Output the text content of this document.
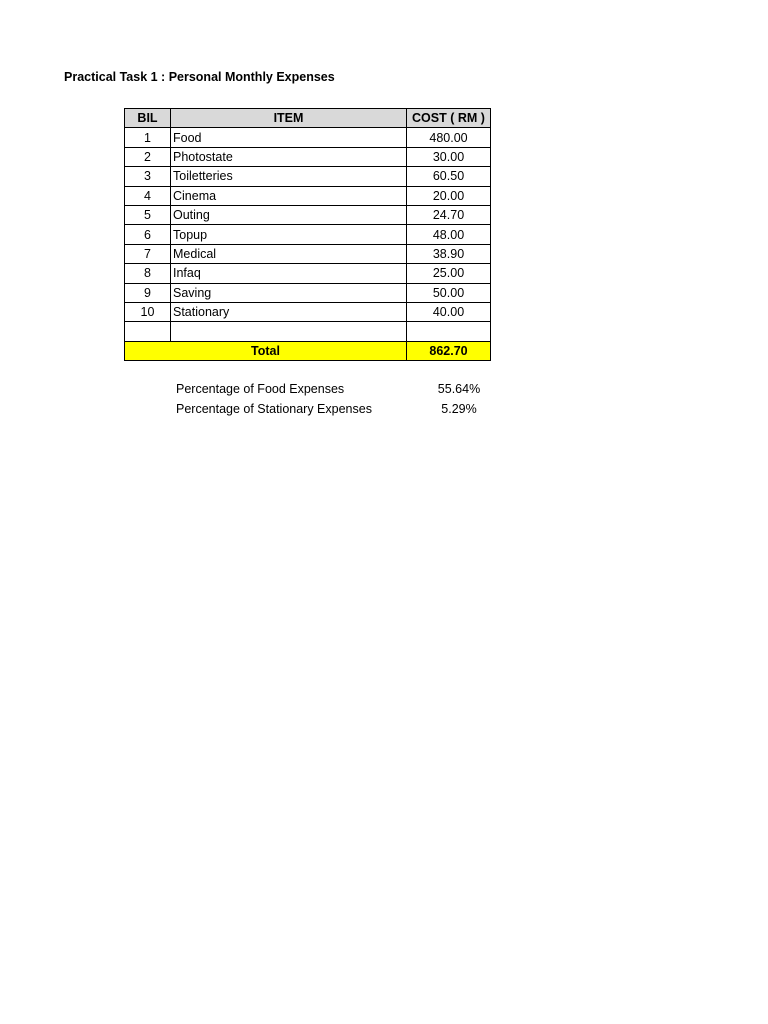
Practical Task 1 : Personal Monthly Expenses
BIL	ITEM	COST ( RM )
1	Food	480.00
2	Photostate	30.00
3	Toiletteries	60.50
4	Cinema	20.00
5	Outing	24.70
6	Topup	48.00
7	Medical	38.90
8	Infaq	25.00
9	Saving	50.00
10	Stationary	40.00

Total		862.70
Percentage of Food Expenses	55.64%
Percentage of Stationary Expenses	5.29%
